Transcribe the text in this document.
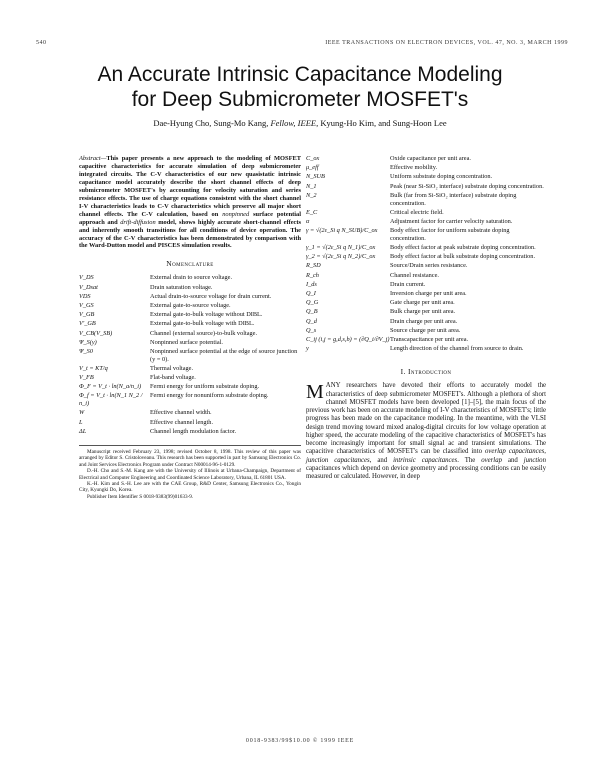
540	IEEE TRANSACTIONS ON ELECTRON DEVICES, VOL. 47, NO. 3, MARCH 1999
An Accurate Intrinsic Capacitance Modeling
for Deep Submicrometer MOSFET's
Dae-Hyung Cho, Sung-Mo Kang, Fellow, IEEE, Kyung-Ho Kim, and Sung-Hoon Lee

Abstract—This paper presents a new approach to the modeling of MOSFET capacitive characteristics for accurate simulation of deep submicrometer integrated circuits. The C-V characteristics of our new quasistatic intrinsic capacitance model accurately describe the short channel effects of deep submicrometer MOSFET's by accounting for velocity saturation and series resistance effects. The use of charge equations consistent with the short channel I-V characteristics leads to C-V characteristics which preserve all major short channel effects. The C-V calculation, based on nonpinned surface potential approach and drift-diffusion model, shows highly accurate short-channel effects and inherently smooth transitions for all conditions of device operation. The accuracy of the C-V characteristics has been demonstrated by comparison with the Ward-Dutton model and PISCES simulation results.

Nomenclature
V_DS	External drain to source voltage.
V_Dsat	Drain saturation voltage.
VDS	Actual drain-to-source voltage for drain current.
V_GS	External gate-to-source voltage.
V_GB	External gate-to-bulk voltage without DIBL.
V'_GB	External gate-to-bulk voltage with DIBL.
V_CB(V_SB)	Channel (external source)-to-bulk voltage.
Ψ_S(y)	Nonpinned surface potential.
Ψ_S0	Nonpinned surface potential at the edge of source junction (y = 0).
V_t = KT/q	Thermal voltage.
V_FB	Flat-band voltage.
Φ_F = V_t · ln(N_a/n_i)	Fermi energy for uniform substrate doping.
Φ_f = V_t · ln(N_1 N_2 / n_i)	Fermi energy for nonuniform substrate doping.
W	Effective channel width.
L	Effective channel length.
ΔL	Channel length modulation factor.

Manuscript received February 23, 1998; revised October 8, 1998. This review of this paper was arranged by Editor S. Cristoloveanu. This research has been supported in part by Samsung Electronics Co. and Joint Services Electronics Program under Contract N00014-96-1-0129.

D.-H. Cho and S.-M. Kang are with the University of Illinois at Urbana-Champaign, Department of Electrical and Computer Engineering and Coordinated Science Laboratory, Urbana, IL 61801 USA.

K.-H. Kim and S.-H. Lee are with the CAE Group, R&D Center, Samsung Electronics Co., Yongin City, Kyungki Do, Korea.

Publisher Item Identifier S 0018-9383(99)01633-9.

C_ox	Oxide capacitance per unit area.
μ_eff	Effective mobility.
N_SUB	Uniform substrate doping concentration.
N_1	Peak (near Si-SiO₂ interface) substrate doping concentration.
N_2	Bulk (far from Si-SiO₂ interface) substrate doping concentration.
E_C	Critical electric field.
α	Adjustment factor for carrier velocity saturation.
γ = √(2ε_Si q N_SUB)/C_ox	Body effect factor for uniform substrate doping concentration.
γ_1 = √(2ε_Si q N_1)/C_ox	Body effect factor at peak substrate doping concentration.
γ_2 = √(2ε_Si q N_2)/C_ox	Body effect factor at bulk substrate doping concentration.
R_SD	Source/Drain series resistance.
R_ch	Channel resistance.
I_ds	Drain current.
Q_I	Inversion charge per unit area.
Q_G	Gate charge per unit area.
Q_B	Bulk charge per unit area.
Q_d	Drain charge per unit area.
Q_s	Source charge per unit area.
C_ij (i,j = g,d,s,b) = (∂Q_i/∂V_j)	Transcapacitance per unit area.
y	Length direction of the channel from source to drain.
I. Introduction

MANY researchers have devoted their efforts to accurately model the characteristics of deep submicrometer MOSFET's. Although a plethora of short channel MOSFET models have been developed [1]–[5], the main focus of the previous work has been on accurate modeling of I-V characteristics of MOSFET's; little progress has been made on the capacitance modeling. In the meantime, with the VLSI design trend moving toward mixed analog-digital circuits for low voltage operation at higher speed, the accurate modeling of the capacitive characteristics of MOSFET's has become increasingly important for small signal ac and transient simulations. The capacitive characteristics of MOSFET's can be classified into overlap capacitances, junction capacitances, and intrinsic capacitances. The overlap and junction capacitances which depend on device geometry and processing conditions can be easily measured or calculated. However, in deep

0018-9383/99$10.00 © 1999 IEEE
